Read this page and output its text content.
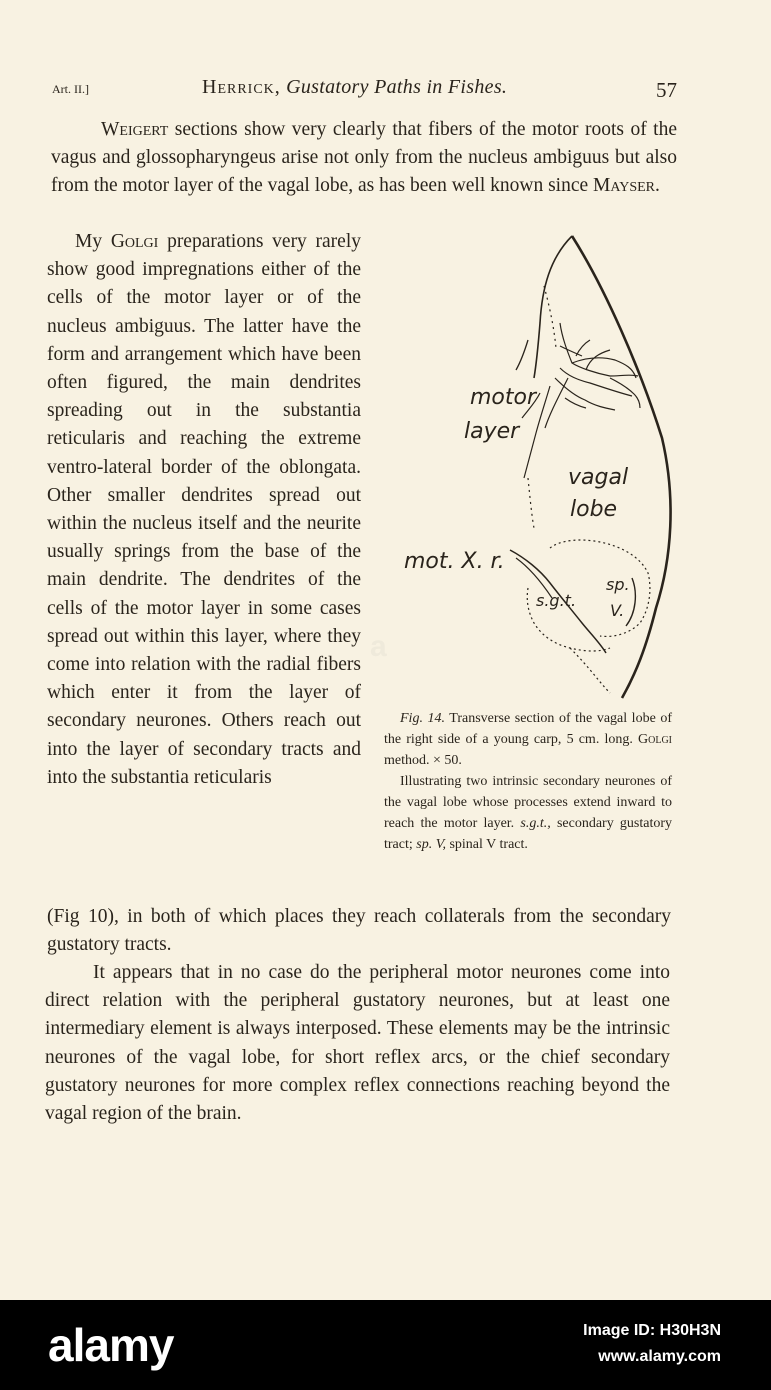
Art. II.]	Herrick, Gustatory Paths in Fishes.	57
Weigert sections show very clearly that fibers of the motor roots of the vagus and glossopharyngeus arise not only from the nucleus ambiguus but also from the motor layer of the vagal lobe, as has been well known since Mayser.
My Golgi preparations very rarely show good impregnations either of the cells of the motor layer or of the nucleus ambiguus. The latter have the form and arrangement which have been often figured, the main dendrites spreading out in the substantia reticularis and reaching the extreme ventro-lateral border of the oblongata. Other smaller dendrites spread out within the nucleus itself and the neurite usually springs from the base of the main dendrite. The dendrites of the cells of the motor layer in some cases spread out within this layer, where they come into relation with the radial fibers which enter it from the layer of secondary neurones. Others reach out into the layer of secondary tracts and into the substantia reticularis
motor
layer
vagal
lobe
mot. X. r.
s.g.t.
sp.
V.
Fig. 14. Transverse section of the vagal lobe of the right side of a young carp, 5 cm. long. Golgi method. × 50.
Illustrating two intrinsic secondary neurones of the vagal lobe whose processes extend inward to reach the motor layer. s.g.t., secondary gustatory tract; sp. V, spinal V tract.
(Fig 10), in both of which places they reach collaterals from the secondary gustatory tracts.
It appears that in no case do the peripheral motor neurones come into direct relation with the peripheral gustatory neurones, but at least one intermediary element is always interposed. These elements may be the intrinsic neurones of the vagal lobe, for short reflex arcs, or the chief secondary gustatory neurones for more complex reflex connections reaching beyond the vagal region of the brain.
a
alamy	Image ID: H30H3N
www.alamy.com
